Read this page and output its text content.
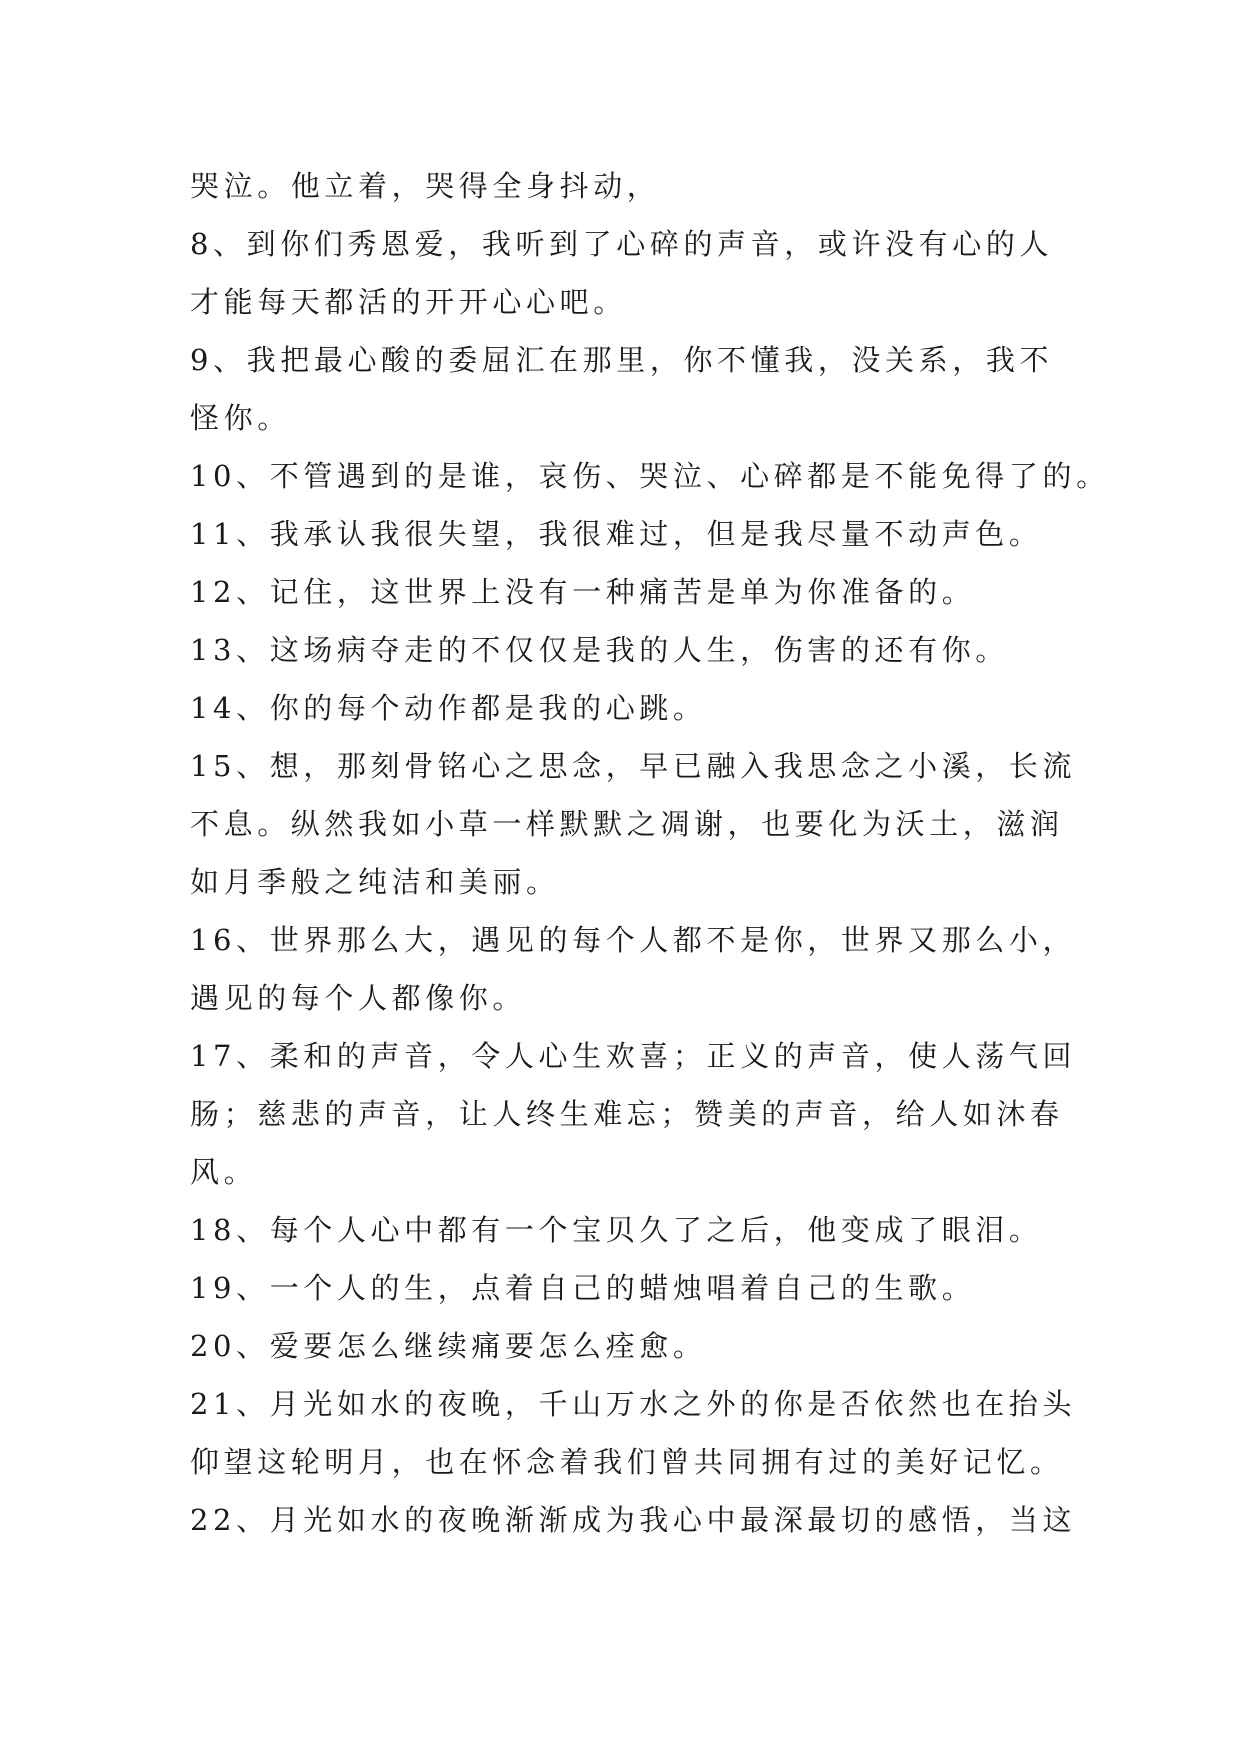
哭泣。他立着，哭得全身抖动，
8、到你们秀恩爱，我听到了心碎的声音，或许没有心的人
才能每天都活的开开心心吧。
9、我把最心酸的委屈汇在那里，你不懂我，没关系，我不
怪你。
10、不管遇到的是谁，哀伤、哭泣、心碎都是不能免得了的。
11、我承认我很失望，我很难过，但是我尽量不动声色。
12、记住，这世界上没有一种痛苦是单为你准备的。
13、这场病夺走的不仅仅是我的人生，伤害的还有你。
14、你的每个动作都是我的心跳。
15、想，那刻骨铭心之思念，早已融入我思念之小溪，长流
不息。纵然我如小草一样默默之凋谢，也要化为沃土，滋润
如月季般之纯洁和美丽。
16、世界那么大，遇见的每个人都不是你，世界又那么小，
遇见的每个人都像你。
17、柔和的声音，令人心生欢喜；正义的声音，使人荡气回
肠；慈悲的声音，让人终生难忘；赞美的声音，给人如沐春
风。
18、每个人心中都有一个宝贝久了之后，他变成了眼泪。
19、一个人的生，点着自己的蜡烛唱着自己的生歌。
20、爱要怎么继续痛要怎么痊愈。
21、月光如水的夜晚，千山万水之外的你是否依然也在抬头
仰望这轮明月，也在怀念着我们曾共同拥有过的美好记忆。
22、月光如水的夜晚渐渐成为我心中最深最切的感悟，当这
